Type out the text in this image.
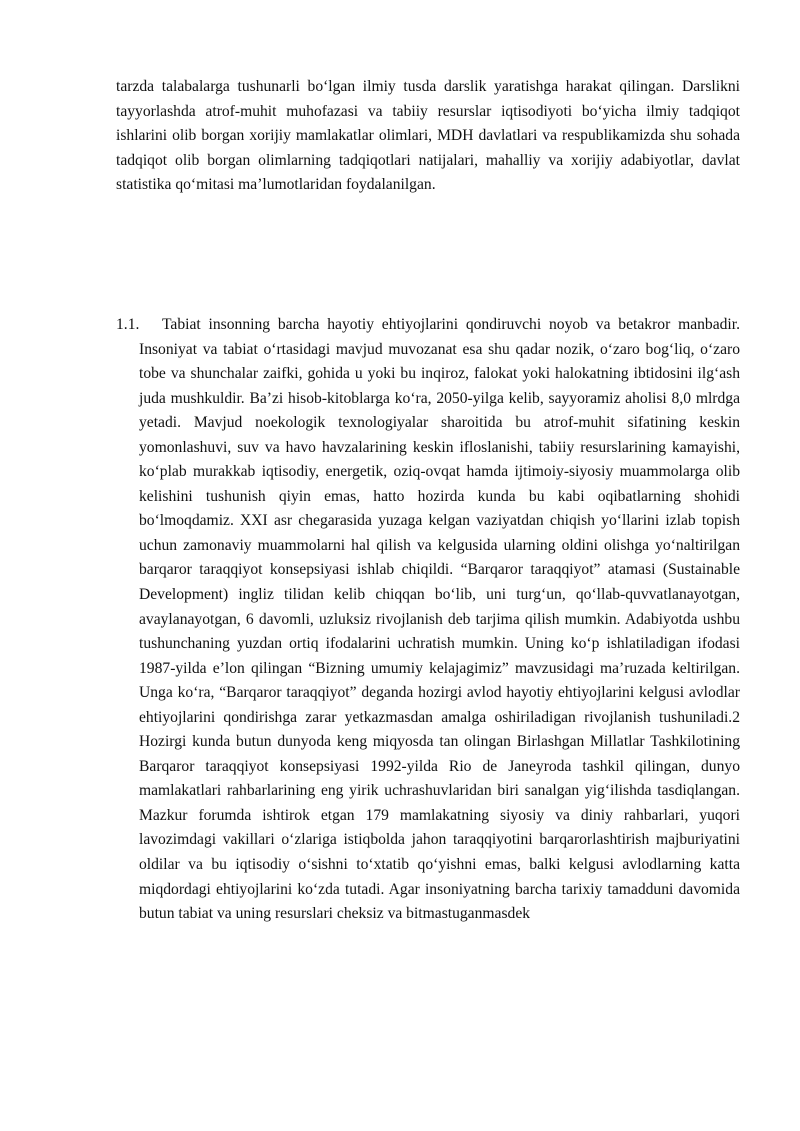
tarzda talabalarga tushunarli bo‘lgan ilmiy tusda darslik yaratishga harakat qilingan. Darslikni tayyorlashda atrof-muhit muhofazasi va tabiiy resurslar iqtisodiyoti bo‘yicha ilmiy tadqiqot ishlarini olib borgan xorijiy mamlakatlar olimlari, MDH davlatlari va respublikamizda shu sohada tadqiqot olib borgan olimlarning tadqiqotlari natijalari, mahalliy va xorijiy adabiyotlar, davlat statistika qo‘mitasi ma’lumotlaridan foydalanilgan.

1.1. Tabiat insonning barcha hayotiy ehtiyojlarini qondiruvchi noyob va betakror manbadir. Insoniyat va tabiat o‘rtasidagi mavjud muvozanat esa shu qadar nozik, o‘zaro bog‘liq, o‘zaro tobe va shunchalar zaifki, gohida u yoki bu inqiroz, falokat yoki halokatning ibtidosini ilg‘ash juda mushkuldir. Ba’zi hisob-kitoblarga ko‘ra, 2050-yilga kelib, sayyoramiz aholisi 8,0 mlrdga yetadi. Mavjud noekologik texnologiyalar sharoitida bu atrof-muhit sifatining keskin yomonlashuvi, suv va havo havzalarining keskin ifloslanishi, tabiiy resurslarining kamayishi, ko‘plab murakkab iqtisodiy, energetik, oziq-ovqat hamda ijtimoiy-siyosiy muammolarga olib kelishini tushunish qiyin emas, hatto hozirda kunda bu kabi oqibatlarning shohidi bo‘lmoqdamiz. XXI asr chegarasida yuzaga kelgan vaziyatdan chiqish yo‘llarini izlab topish uchun zamonaviy muammolarni hal qilish va kelgusida ularning oldini olishga yo‘naltirilgan barqaror taraqqiyot konsepsiyasi ishlab chiqildi. “Barqaror taraqqiyot” atamasi (Sustainable Development) ingliz tilidan kelib chiqqan bo‘lib, uni turg‘un, qo‘llab-quvvatlanayotgan, avaylanayotgan, 6 davomli, uzluksiz rivojlanish deb tarjima qilish mumkin. Adabiyotda ushbu tushunchaning yuzdan ortiq ifodalarini uchratish mumkin. Uning ko‘p ishlatiladigan ifodasi 1987-yilda e’lon qilingan “Bizning umumiy kelajagimiz” mavzusidagi ma’ruzada keltirilgan. Unga ko‘ra, “Barqaror taraqqiyot” deganda hozirgi avlod hayotiy ehtiyojlarini kelgusi avlodlar ehtiyojlarini qondirishga zarar yetkazmasdan amalga oshiriladigan rivojlanish tushuniladi.2 Hozirgi kunda butun dunyoda keng miqyosda tan olingan Birlashgan Millatlar Tashkilotining Barqaror taraqqiyot konsepsiyasi 1992-yilda Rio de Janeyroda tashkil qilingan, dunyo mamlakatlari rahbarlarining eng yirik uchrashuvlaridan biri sanalgan yig‘ilishda tasdiqlangan. Mazkur forumda ishtirok etgan 179 mamlakatning siyosiy va diniy rahbarlari, yuqori lavozimdagi vakillari o‘zlariga istiqbolda jahon taraqqiyotini barqarorlashtirish majburiyatini oldilar va bu iqtisodiy o‘sishni to‘xtatib qo‘yishni emas, balki kelgusi avlodlarning katta miqdordagi ehtiyojlarini ko‘zda tutadi. Agar insoniyatning barcha tarixiy tamadduni davomida butun tabiat va uning resurslari cheksiz va bitmastuganmasdek
